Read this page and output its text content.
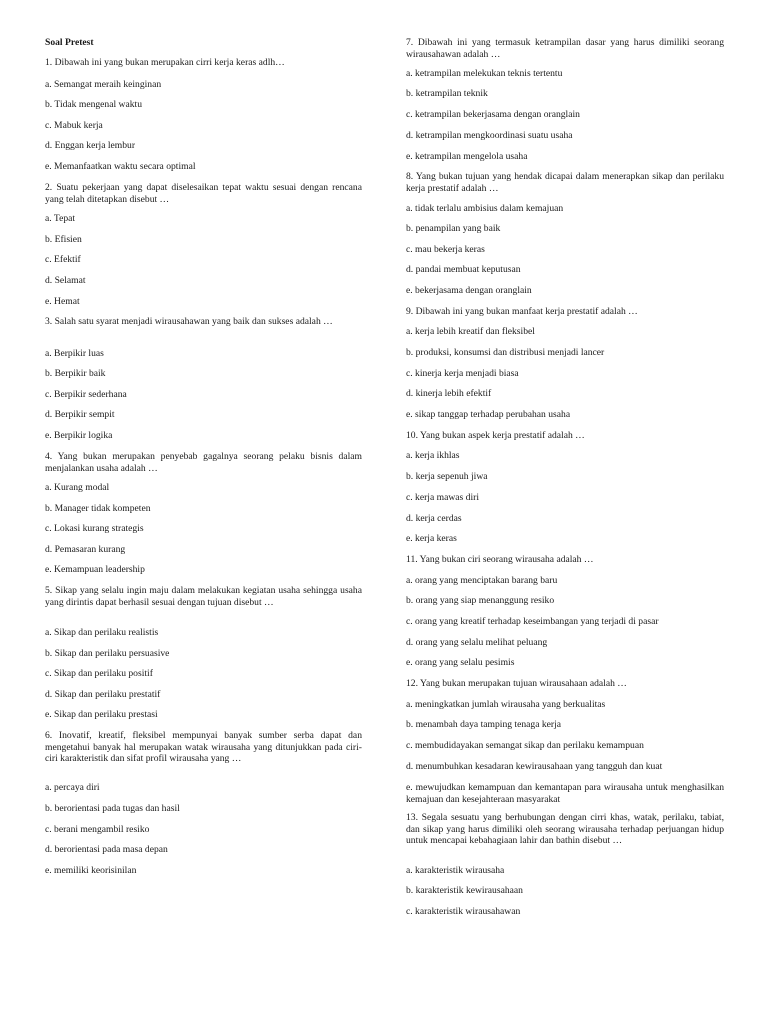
Soal Pretest
1. Dibawah ini yang bukan merupakan cirri kerja keras adlh…
a. Semangat meraih keinginan
b. Tidak mengenal waktu
c. Mabuk kerja
d. Enggan kerja lembur
e. Memanfaatkan waktu secara optimal
2. Suatu pekerjaan yang dapat diselesaikan tepat waktu sesuai dengan rencana yang telah ditetapkan disebut …
a. Tepat
b. Efisien
c. Efektif
d. Selamat
e. Hemat
3. Salah satu syarat menjadi wirausahawan yang baik dan sukses adalah …
a. Berpikir luas
b. Berpikir baik
c. Berpikir sederhana
d. Berpikir sempit
e. Berpikir logika
4. Yang bukan merupakan penyebab gagalnya seorang pelaku bisnis dalam menjalankan usaha adalah …
a. Kurang modal
b. Manager tidak kompeten
c. Lokasi kurang strategis
d. Pemasaran kurang
e. Kemampuan leadership
5. Sikap yang selalu ingin maju dalam melakukan kegiatan usaha sehingga usaha yang dirintis dapat berhasil sesuai dengan tujuan disebut …
a. Sikap dan perilaku realistis
b. Sikap dan perilaku persuasive
c. Sikap dan perilaku positif
d. Sikap dan perilaku prestatif
e. Sikap dan perilaku prestasi
6. Inovatif, kreatif, fleksibel mempunyai banyak sumber serba dapat dan mengetahui banyak hal merupakan watak wirausaha yang ditunjukkan pada ciri-ciri karakteristik dan sifat profil wirausaha yang …
a. percaya diri
b. berorientasi pada tugas dan hasil
c. berani mengambil resiko
d. berorientasi pada masa depan
e. memiliki keorisinilan
7. Dibawah ini yang termasuk ketrampilan dasar yang harus dimiliki seorang wirausahawan adalah …
a. ketrampilan melekukan teknis tertentu
b. ketrampilan teknik
c. ketrampilan bekerjasama dengan oranglain
d. ketrampilan mengkoordinasi suatu usaha
e. ketrampilan mengelola usaha
8. Yang bukan tujuan yang hendak dicapai dalam menerapkan sikap dan perilaku kerja prestatif adalah …
a. tidak terlalu ambisius dalam kemajuan
b. penampilan yang baik
c. mau bekerja keras
d. pandai membuat keputusan
e. bekerjasama dengan oranglain
9. Dibawah ini yang bukan manfaat kerja prestatif adalah …
a. kerja lebih kreatif dan fleksibel
b. produksi, konsumsi dan distribusi menjadi lancer
c. kinerja kerja menjadi biasa
d. kinerja lebih efektif
e. sikap tanggap terhadap perubahan usaha
10. Yang bukan aspek kerja prestatif adalah …
a. kerja ikhlas
b. kerja sepenuh jiwa
c. kerja mawas diri
d. kerja cerdas
e. kerja keras
11. Yang bukan ciri seorang wirausaha adalah …
a. orang yang menciptakan barang baru
b. orang yang siap menanggung resiko
c. orang yang kreatif terhadap keseimbangan yang terjadi di pasar
d. orang yang selalu melihat peluang
e. orang yang selalu pesimis
12. Yang bukan merupakan tujuan wirausahaan adalah …
a. meningkatkan jumlah wirausaha yang berkualitas
b. menambah daya tamping tenaga kerja
c. membudidayakan semangat sikap dan perilaku kemampuan
d. menumbuhkan kesadaran kewirausahaan yang tangguh dan kuat
e. mewujudkan kemampuan dan kemantapan para wirausaha untuk menghasilkan kemajuan dan kesejahteraan masyarakat
13. Segala sesuatu yang berhubungan dengan cirri khas, watak, perilaku, tabiat, dan sikap yang harus dimiliki oleh seorang wirausaha terhadap perjuangan hidup untuk mencapai kebahagiaan lahir dan bathin disebut …
a. karakteristik wirausaha
b. karakteristik kewirausahaan
c. karakteristik wirausahawan
